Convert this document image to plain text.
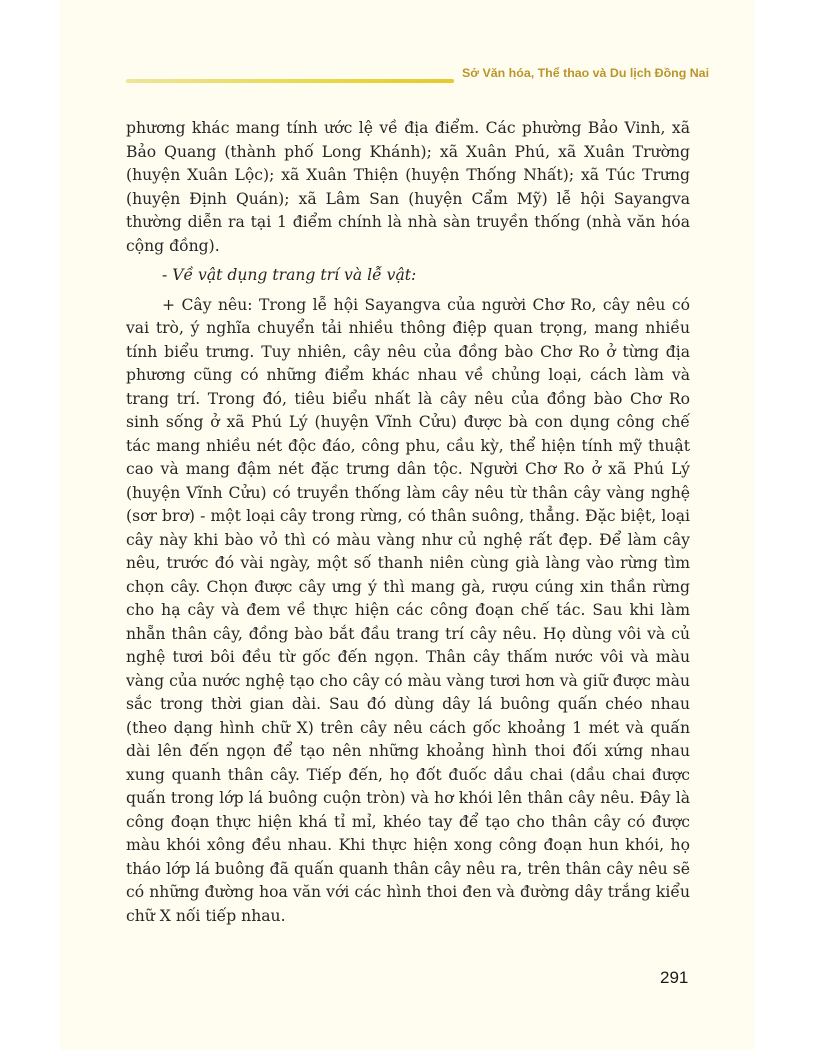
Sở Văn hóa, Thể thao và Du lịch Đồng Nai

phương khác mang tính ước lệ về địa điểm. Các phường Bảo Vinh, xã Bảo Quang (thành phố Long Khánh); xã Xuân Phú, xã Xuân Trường (huyện Xuân Lộc); xã Xuân Thiện (huyện Thống Nhất); xã Túc Trưng (huyện Định Quán); xã Lâm San (huyện Cẩm Mỹ) lễ hội Sayangva thường diễn ra tại 1 điểm chính là nhà sàn truyền thống (nhà văn hóa cộng đồng).

- Về vật dụng trang trí và lễ vật:

+ Cây nêu: Trong lễ hội Sayangva của người Chơ Ro, cây nêu có vai trò, ý nghĩa chuyển tải nhiều thông điệp quan trọng, mang nhiều tính biểu trưng. Tuy nhiên, cây nêu của đồng bào Chơ Ro ở từng địa phương cũng có những điểm khác nhau về chủng loại, cách làm và trang trí. Trong đó, tiêu biểu nhất là cây nêu của đồng bào Chơ Ro sinh sống ở xã Phú Lý (huyện Vĩnh Cửu) được bà con dụng công chế tác mang nhiều nét độc đáo, công phu, cầu kỳ, thể hiện tính mỹ thuật cao và mang đậm nét đặc trưng dân tộc. Người Chơ Ro ở xã Phú Lý (huyện Vĩnh Cửu) có truyền thống làm cây nêu từ thân cây vàng nghệ (sơr brơ) - một loại cây trong rừng, có thân suông, thẳng. Đặc biệt, loại cây này khi bào vỏ thì có màu vàng như củ nghệ rất đẹp. Để làm cây nêu, trước đó vài ngày, một số thanh niên cùng già làng vào rừng tìm chọn cây. Chọn được cây ưng ý thì mang gà, rượu cúng xin thần rừng cho hạ cây và đem về thực hiện các công đoạn chế tác. Sau khi làm nhẵn thân cây, đồng bào bắt đầu trang trí cây nêu. Họ dùng vôi và củ nghệ tươi bôi đều từ gốc đến ngọn. Thân cây thấm nước vôi và màu vàng của nước nghệ tạo cho cây có màu vàng tươi hơn và giữ được màu sắc trong thời gian dài. Sau đó dùng dây lá buông quấn chéo nhau (theo dạng hình chữ X) trên cây nêu cách gốc khoảng 1 mét và quấn dài lên đến ngọn để tạo nên những khoảng hình thoi đối xứng nhau xung quanh thân cây. Tiếp đến, họ đốt đuốc dầu chai (dầu chai được quấn trong lớp lá buông cuộn tròn) và hơ khói lên thân cây nêu. Đây là công đoạn thực hiện khá tỉ mỉ, khéo tay để tạo cho thân cây có được màu khói xông đều nhau. Khi thực hiện xong công đoạn hun khói, họ tháo lớp lá buông đã quấn quanh thân cây nêu ra, trên thân cây nêu sẽ có những đường hoa văn với các hình thoi đen và đường dây trắng kiểu chữ X nối tiếp nhau.

291
